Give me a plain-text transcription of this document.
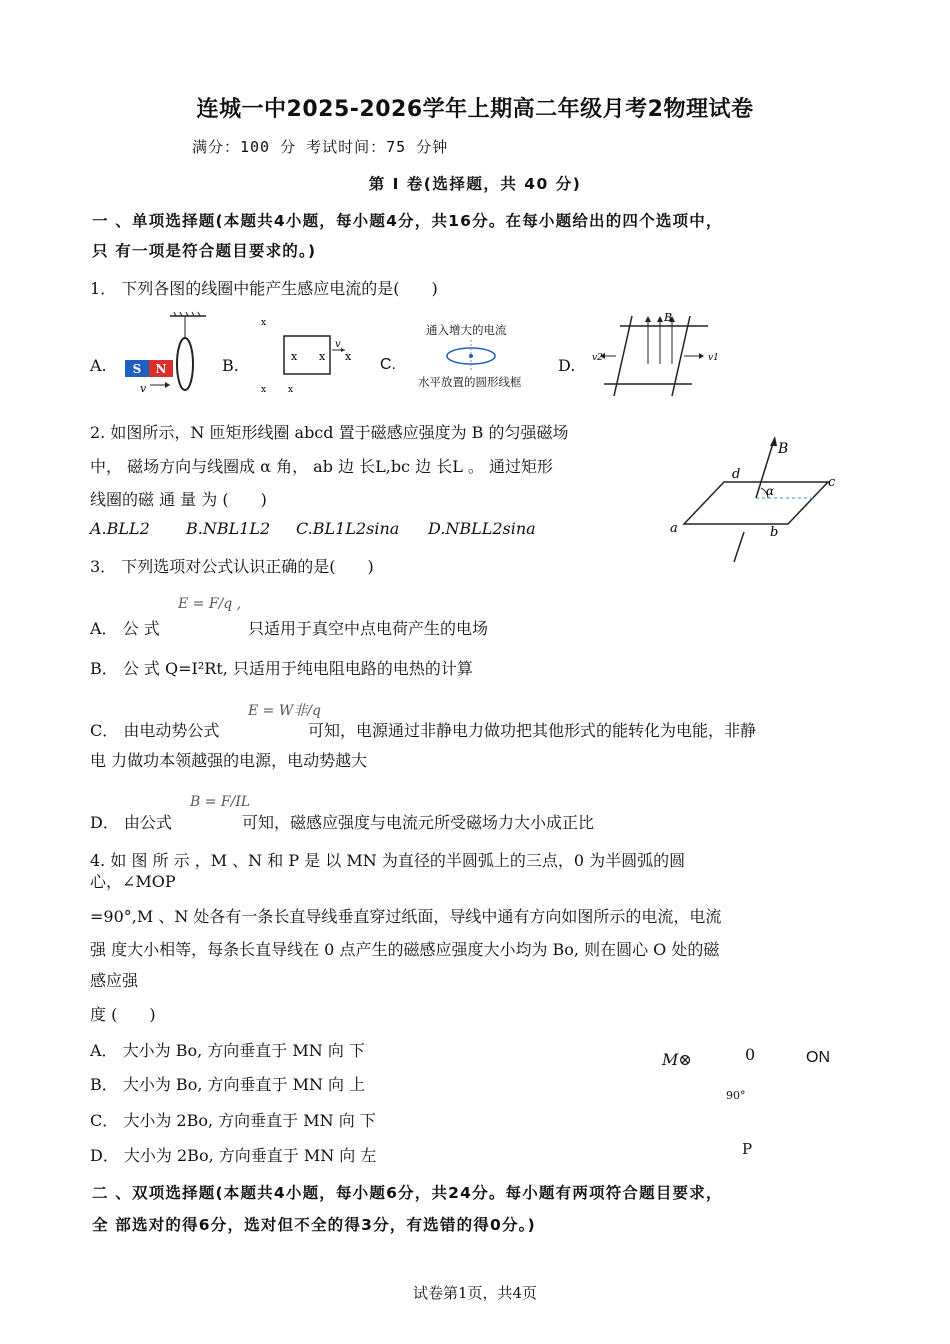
连城一中2025-2026学年上期高二年级月考2物理试卷
满分：100 分 考试时间：75 分钟
第 I 卷(选择题，共 40 分)
一 、单项选择题(本题共4小题，每小题4分，共16分。在每小题给出的四个选项中，
只 有一项是符合题目要求的。)
1． 下列各图的线圈中能产生感应电流的是(　　)
A.	B.	C.	D.
S N
v
x
x x x
v
x x
通入增大的电流
水平放置的圆形线框
B
v2	v1
2. 如图所示，N 匝矩形线圈 abcd 置于磁感应强度为 B 的匀强磁场
中， 磁场方向与线圈成 α 角， ab 边 长L,bc 边 长L 。 通过矩形
线圈的磁 通 量 为 (　　)
A.BLL2 B.NBL1L2 C.BL1L2sina D.NBLL2sina
B
α
d
c
a	b
3． 下列选项对公式认识正确的是(　　)
A． 公 式
E = F/q ,
只适用于真空中点电荷产生的电场
B． 公 式 Q=I²Rt, 只适用于纯电阻电路的电热的计算
C． 由电动势公式
E = W非/q
可知，电源通过非静电力做功把其他形式的能转化为电能，非静
电 力做功本领越强的电源，电动势越大
D． 由公式
B = F/IL
可知，磁感应强度与电流元所受磁场力大小成正比
4. 如 图 所 示 ，M 、N 和 P 是 以 MN 为直径的半圆弧上的三点，0 为半圆弧的圆
心，∠MOP
=90°,M 、N 处各有一条长直导线垂直穿过纸面，导线中通有方向如图所示的电流，电流
强 度大小相等，每条长直导线在 0 点产生的磁感应强度大小均为 Bo, 则在圆心 O 处的磁
感应强
度 (　　)
A． 大小为 Bo, 方向垂直于 MN 向 下
B． 大小为 Bo, 方向垂直于 MN 向 上
C． 大小为 2Bo, 方向垂直于 MN 向 下
D． 大小为 2Bo, 方向垂直于 MN 向 左
M⊗	0	ON
90°
P
二 、双项选择题(本题共4小题，每小题6分，共24分。每小题有两项符合题目要求，
全 部选对的得6分，选对但不全的得3分，有选错的得0分。)
试卷第1页，共4页
